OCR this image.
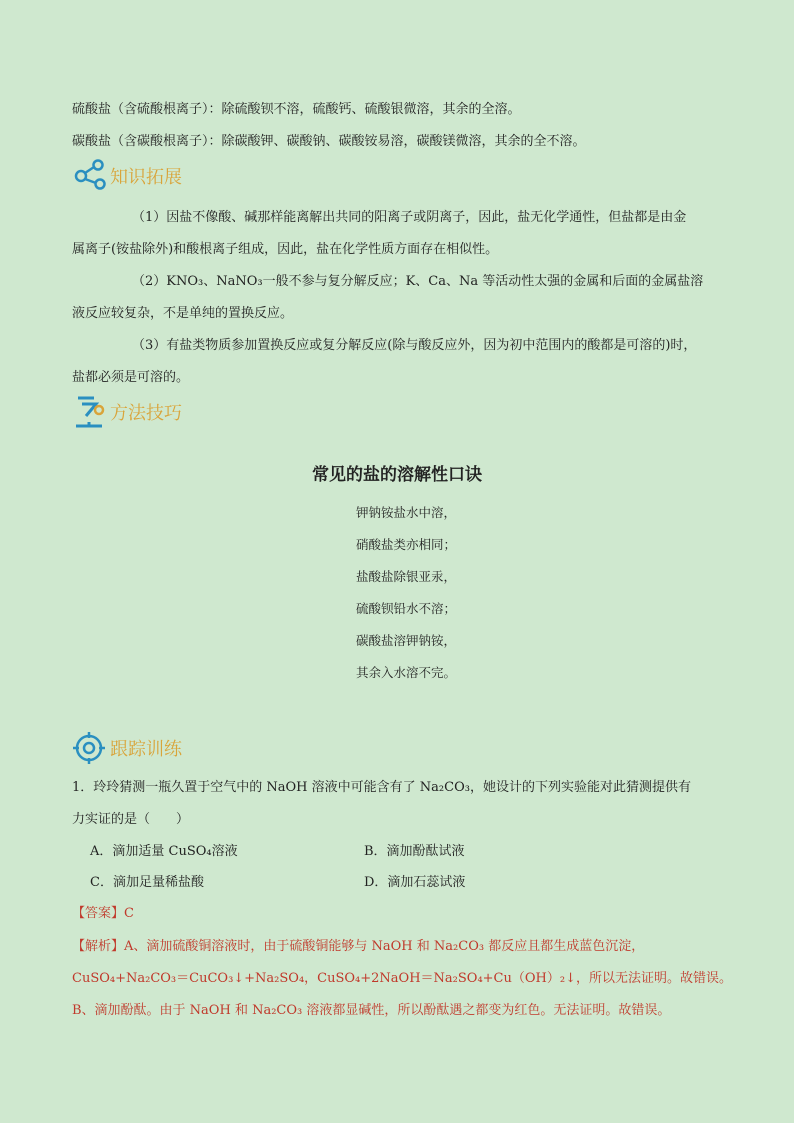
硫酸盐（含硫酸根离子）：除硫酸钡不溶，硫酸钙、硫酸银微溶，其余的全溶。
碳酸盐（含碳酸根离子）：除碳酸钾、碳酸钠、碳酸铵易溶，碳酸镁微溶，其余的全不溶。
知识拓展
（1）因盐不像酸、碱那样能离解出共同的阳离子或阴离子，因此，盐无化学通性，但盐都是由金
属离子(铵盐除外)和酸根离子组成，因此，盐在化学性质方面存在相似性。
（2）KNO₃、NaNO₃一般不参与复分解反应；K、Ca、Na 等活动性太强的金属和后面的金属盐溶
液反应较复杂，不是单纯的置换反应。
（3）有盐类物质参加置换反应或复分解反应(除与酸反应外，因为初中范围内的酸都是可溶的)时，
盐都必须是可溶的。
方法技巧
常见的盐的溶解性口诀
钾钠铵盐水中溶，
硝酸盐类亦相同；
盐酸盐除银亚汞，
硫酸钡铅水不溶；
碳酸盐溶钾钠铵，
其余入水溶不完。
跟踪训练
1．玲玲猜测一瓶久置于空气中的 NaOH 溶液中可能含有了 Na₂CO₃，她设计的下列实验能对此猜测提供有
力实证的是（　　）
A．滴加适量 CuSO₄溶液	B．滴加酚酞试液
C．滴加足量稀盐酸	D．滴加石蕊试液
【答案】C
【解析】A、滴加硫酸铜溶液时，由于硫酸铜能够与 NaOH 和 Na₂CO₃ 都反应且都生成蓝色沉淀，
CuSO₄+Na₂CO₃＝CuCO₃↓+Na₂SO₄，CuSO₄+2NaOH＝Na₂SO₄+Cu（OH）₂↓，所以无法证明。故错误。
B、滴加酚酞。由于 NaOH 和 Na₂CO₃ 溶液都显碱性，所以酚酞遇之都变为红色。无法证明。故错误。
